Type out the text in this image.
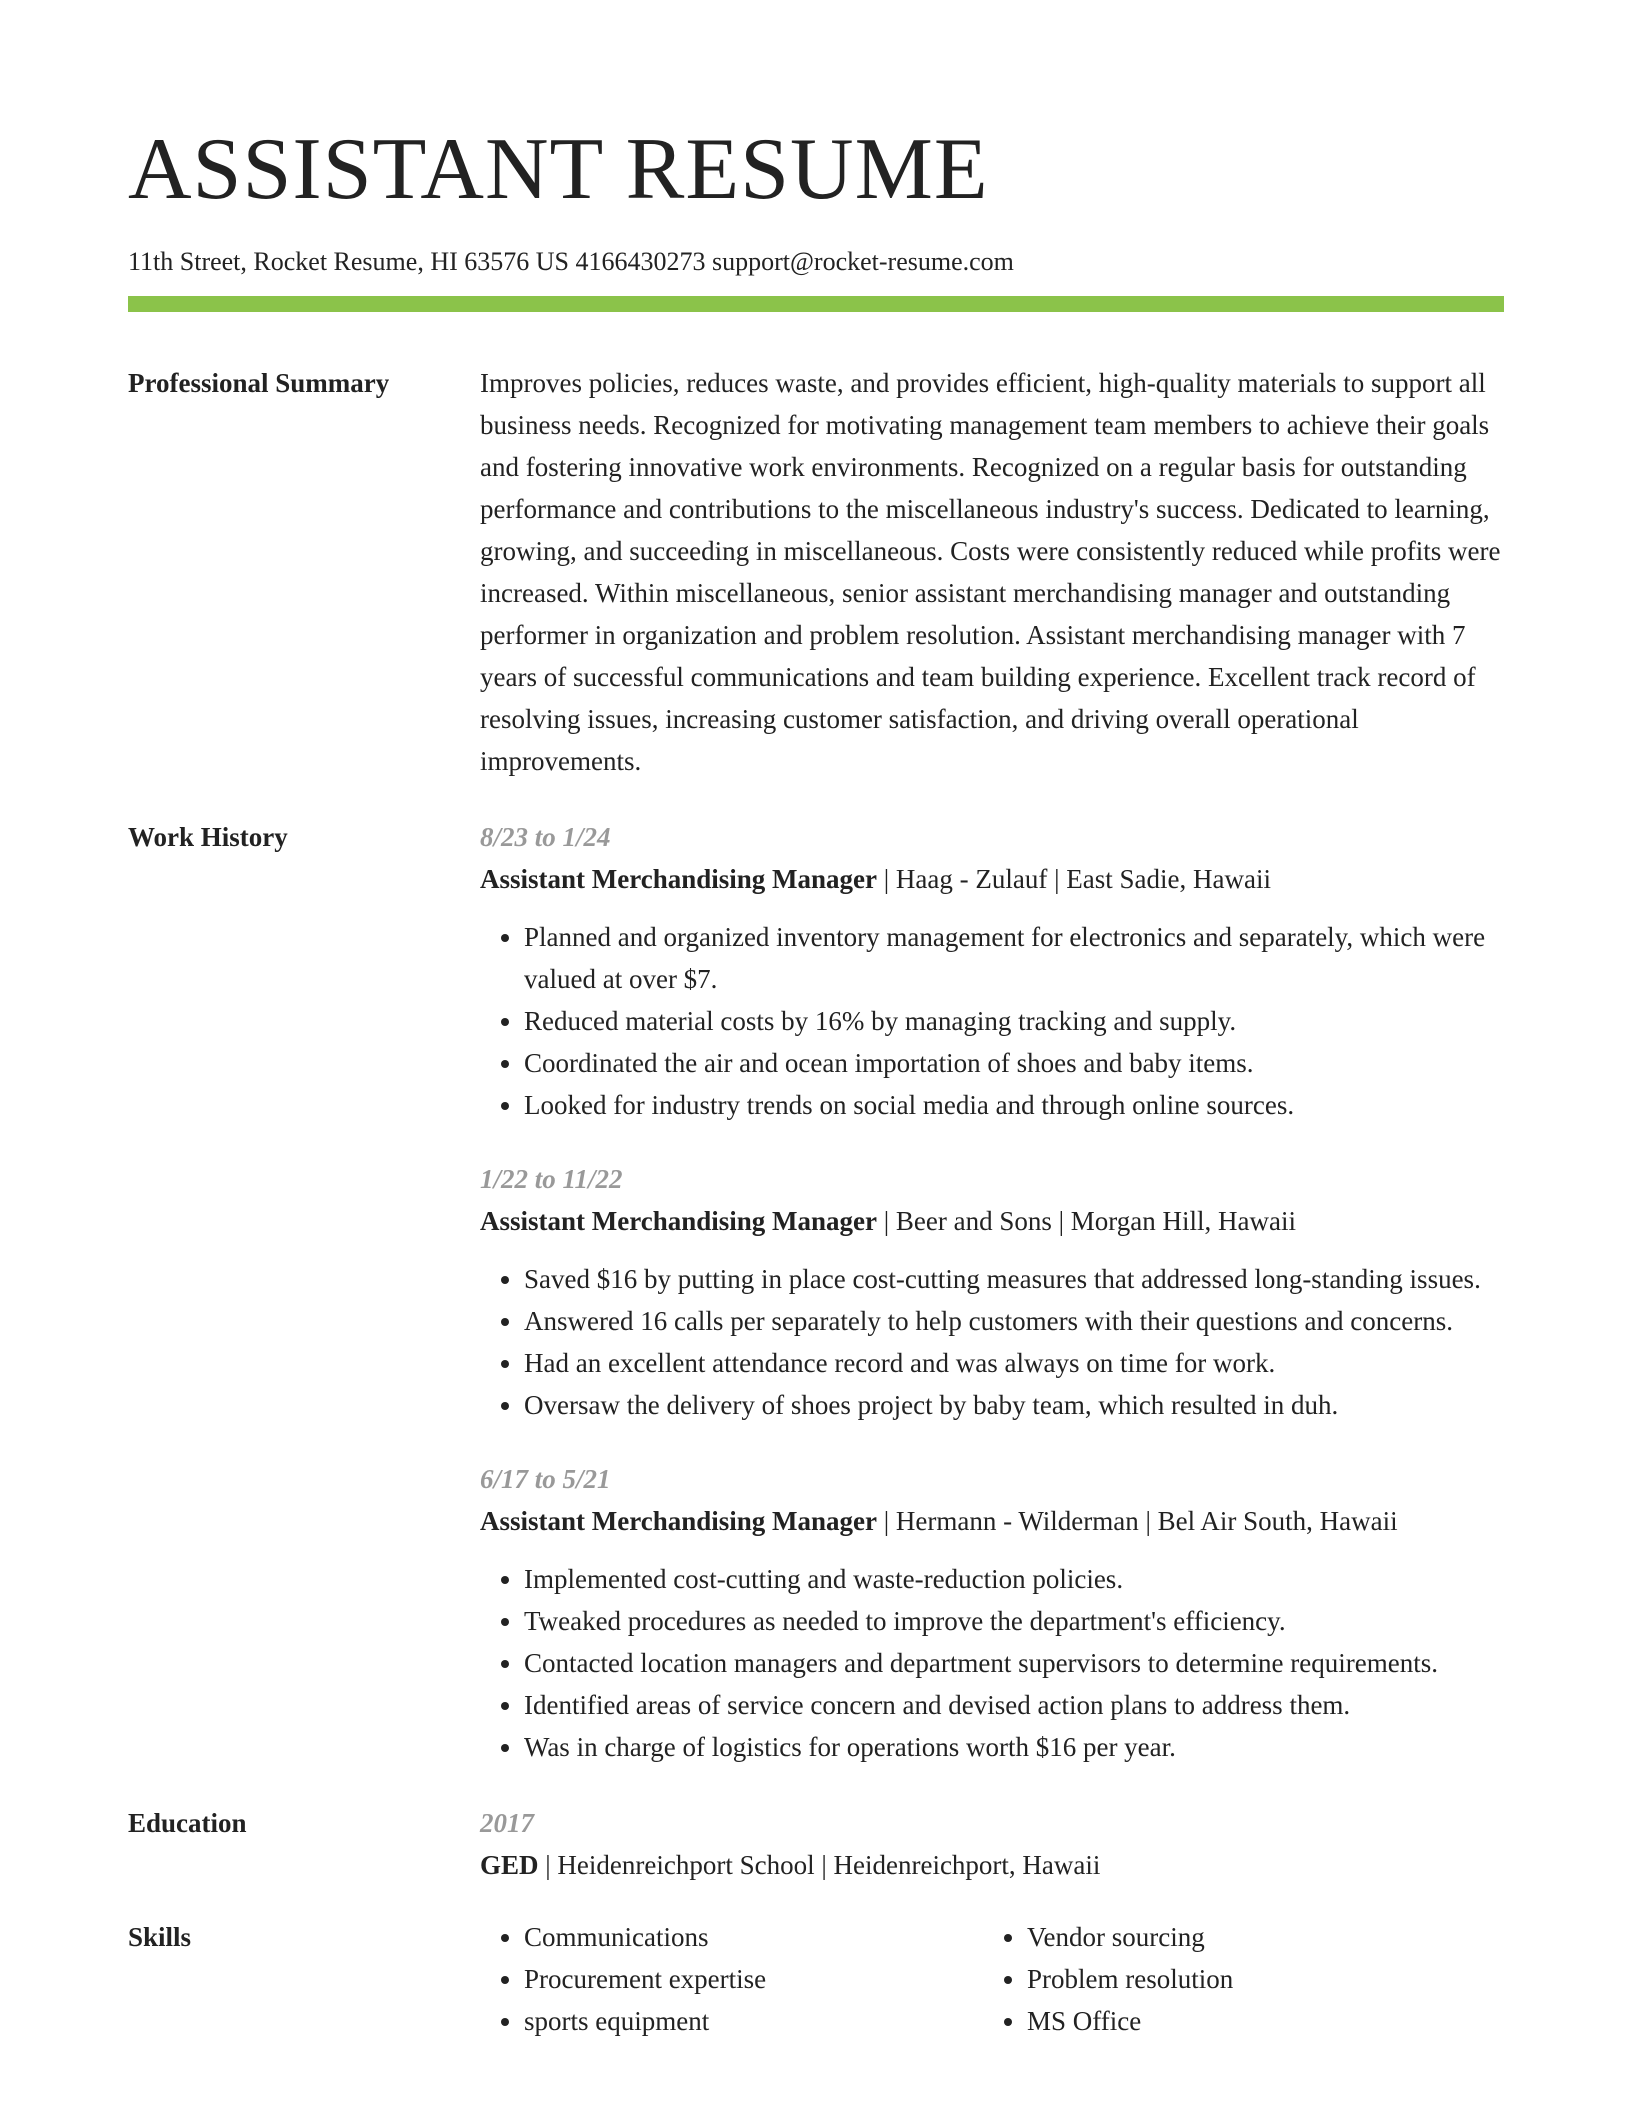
ASSISTANT RESUME
11th Street, Rocket Resume, HI 63576 US 4166430273 support@rocket-resume.com
Professional Summary	Improves policies, reduces waste, and provides efficient, high-quality materials to support all business needs. Recognized for motivating management team members to achieve their goals and fostering innovative work environments. Recognized on a regular basis for outstanding performance and contributions to the miscellaneous industry's success. Dedicated to learning, growing, and succeeding in miscellaneous. Costs were consistently reduced while profits were increased. Within miscellaneous, senior assistant merchandising manager and outstanding performer in organization and problem resolution. Assistant merchandising manager with 7 years of successful communications and team building experience. Excellent track record of resolving issues, increasing customer satisfaction, and driving overall operational improvements.

Work History	8/23 to 1/24
Assistant Merchandising Manager | Haag - Zulauf | East Sadie, Hawaii
• Planned and organized inventory management for electronics and separately, which were valued at over $7.
• Reduced material costs by 16% by managing tracking and supply.
• Coordinated the air and ocean importation of shoes and baby items.
• Looked for industry trends on social media and through online sources.
1/22 to 11/22
Assistant Merchandising Manager | Beer and Sons | Morgan Hill, Hawaii
• Saved $16 by putting in place cost-cutting measures that addressed long-standing issues.
• Answered 16 calls per separately to help customers with their questions and concerns.
• Had an excellent attendance record and was always on time for work.
• Oversaw the delivery of shoes project by baby team, which resulted in duh.
6/17 to 5/21
Assistant Merchandising Manager | Hermann - Wilderman | Bel Air South, Hawaii
• Implemented cost-cutting and waste-reduction policies.
• Tweaked procedures as needed to improve the department's efficiency.
• Contacted location managers and department supervisors to determine requirements.
• Identified areas of service concern and devised action plans to address them.
• Was in charge of logistics for operations worth $16 per year.
Education	2017
GED | Heidenreichport School | Heidenreichport, Hawaii
Skills
•	Communications
• Procurement expertise
• sports equipment
• Vendor sourcing
• Problem resolution
• MS Office
